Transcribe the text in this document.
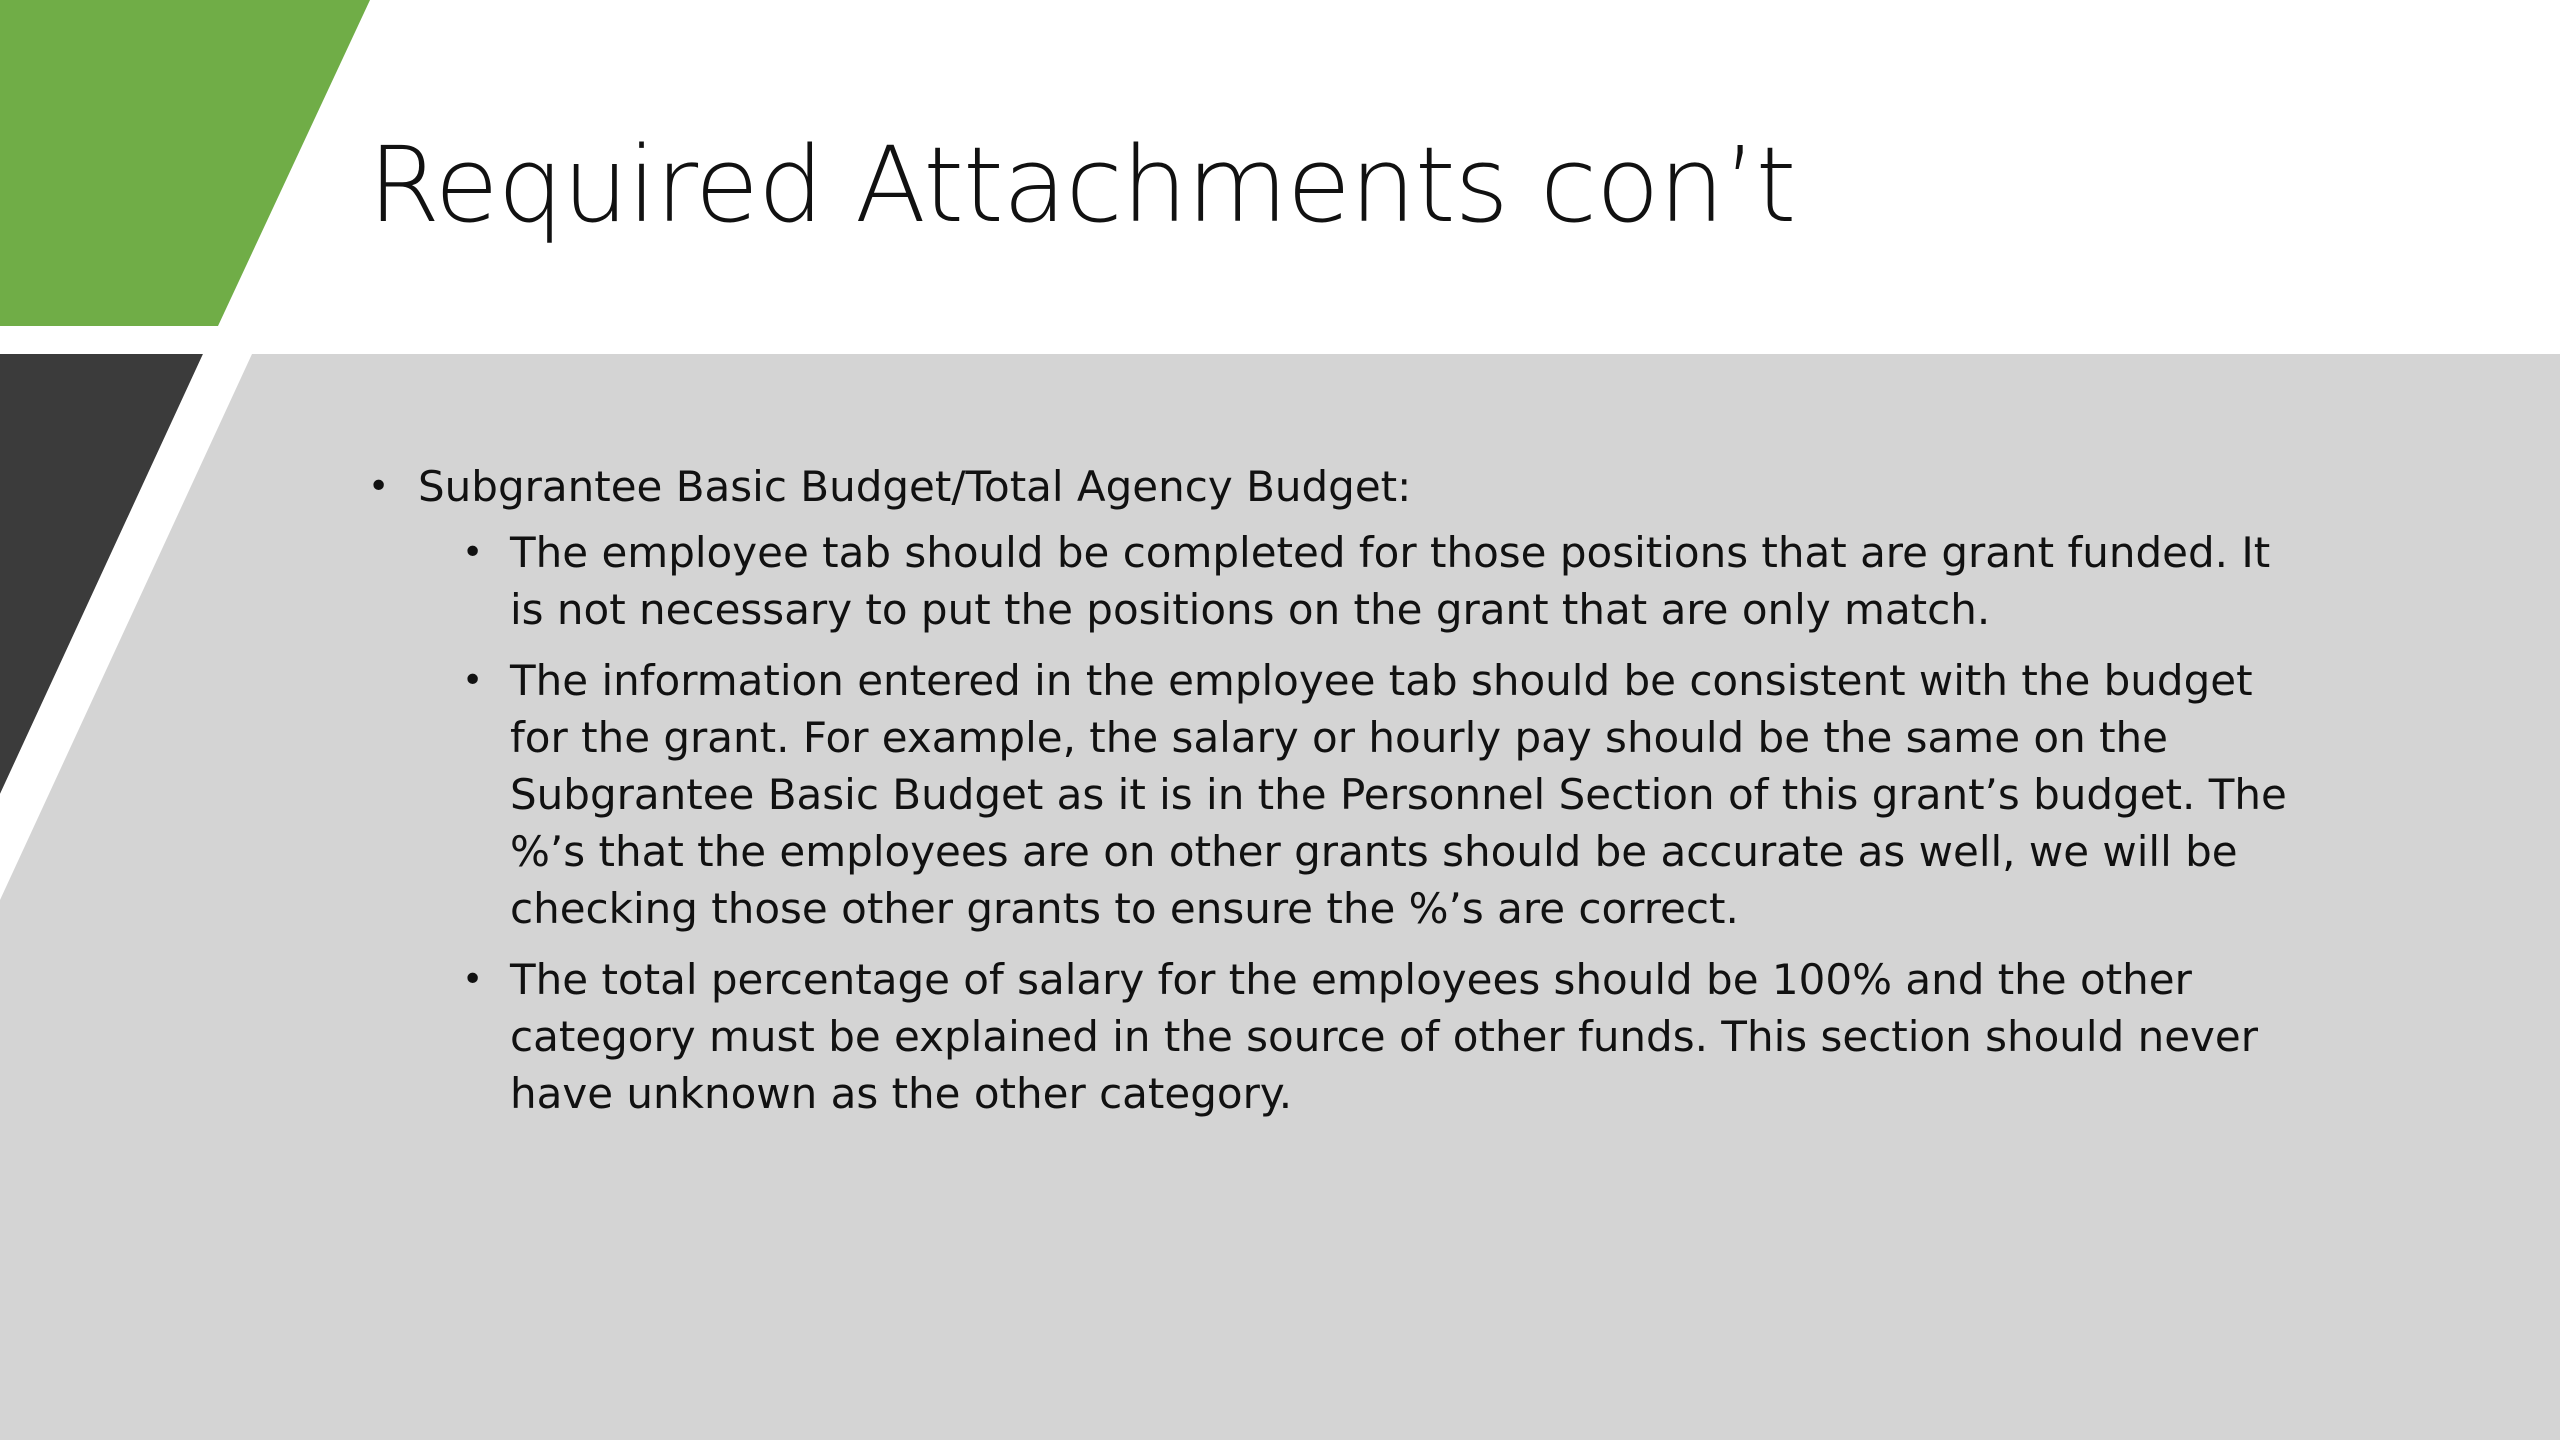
Required Attachments con’t
• Subgrantee Basic Budget/Total Agency Budget:
• The employee tab should be completed for those positions that are grant funded. It is not necessary to put the positions on the grant that are only match.
• The information entered in the employee tab should be consistent with the budget for the grant. For example, the salary or hourly pay should be the same on the Subgrantee Basic Budget as it is in the Personnel Section of this grant’s budget. The %’s that the employees are on other grants should be accurate as well, we will be checking those other grants to ensure the %’s are correct.
• The total percentage of salary for the employees should be 100% and the other category must be explained in the source of other funds. This section should never have unknown as the other category.
